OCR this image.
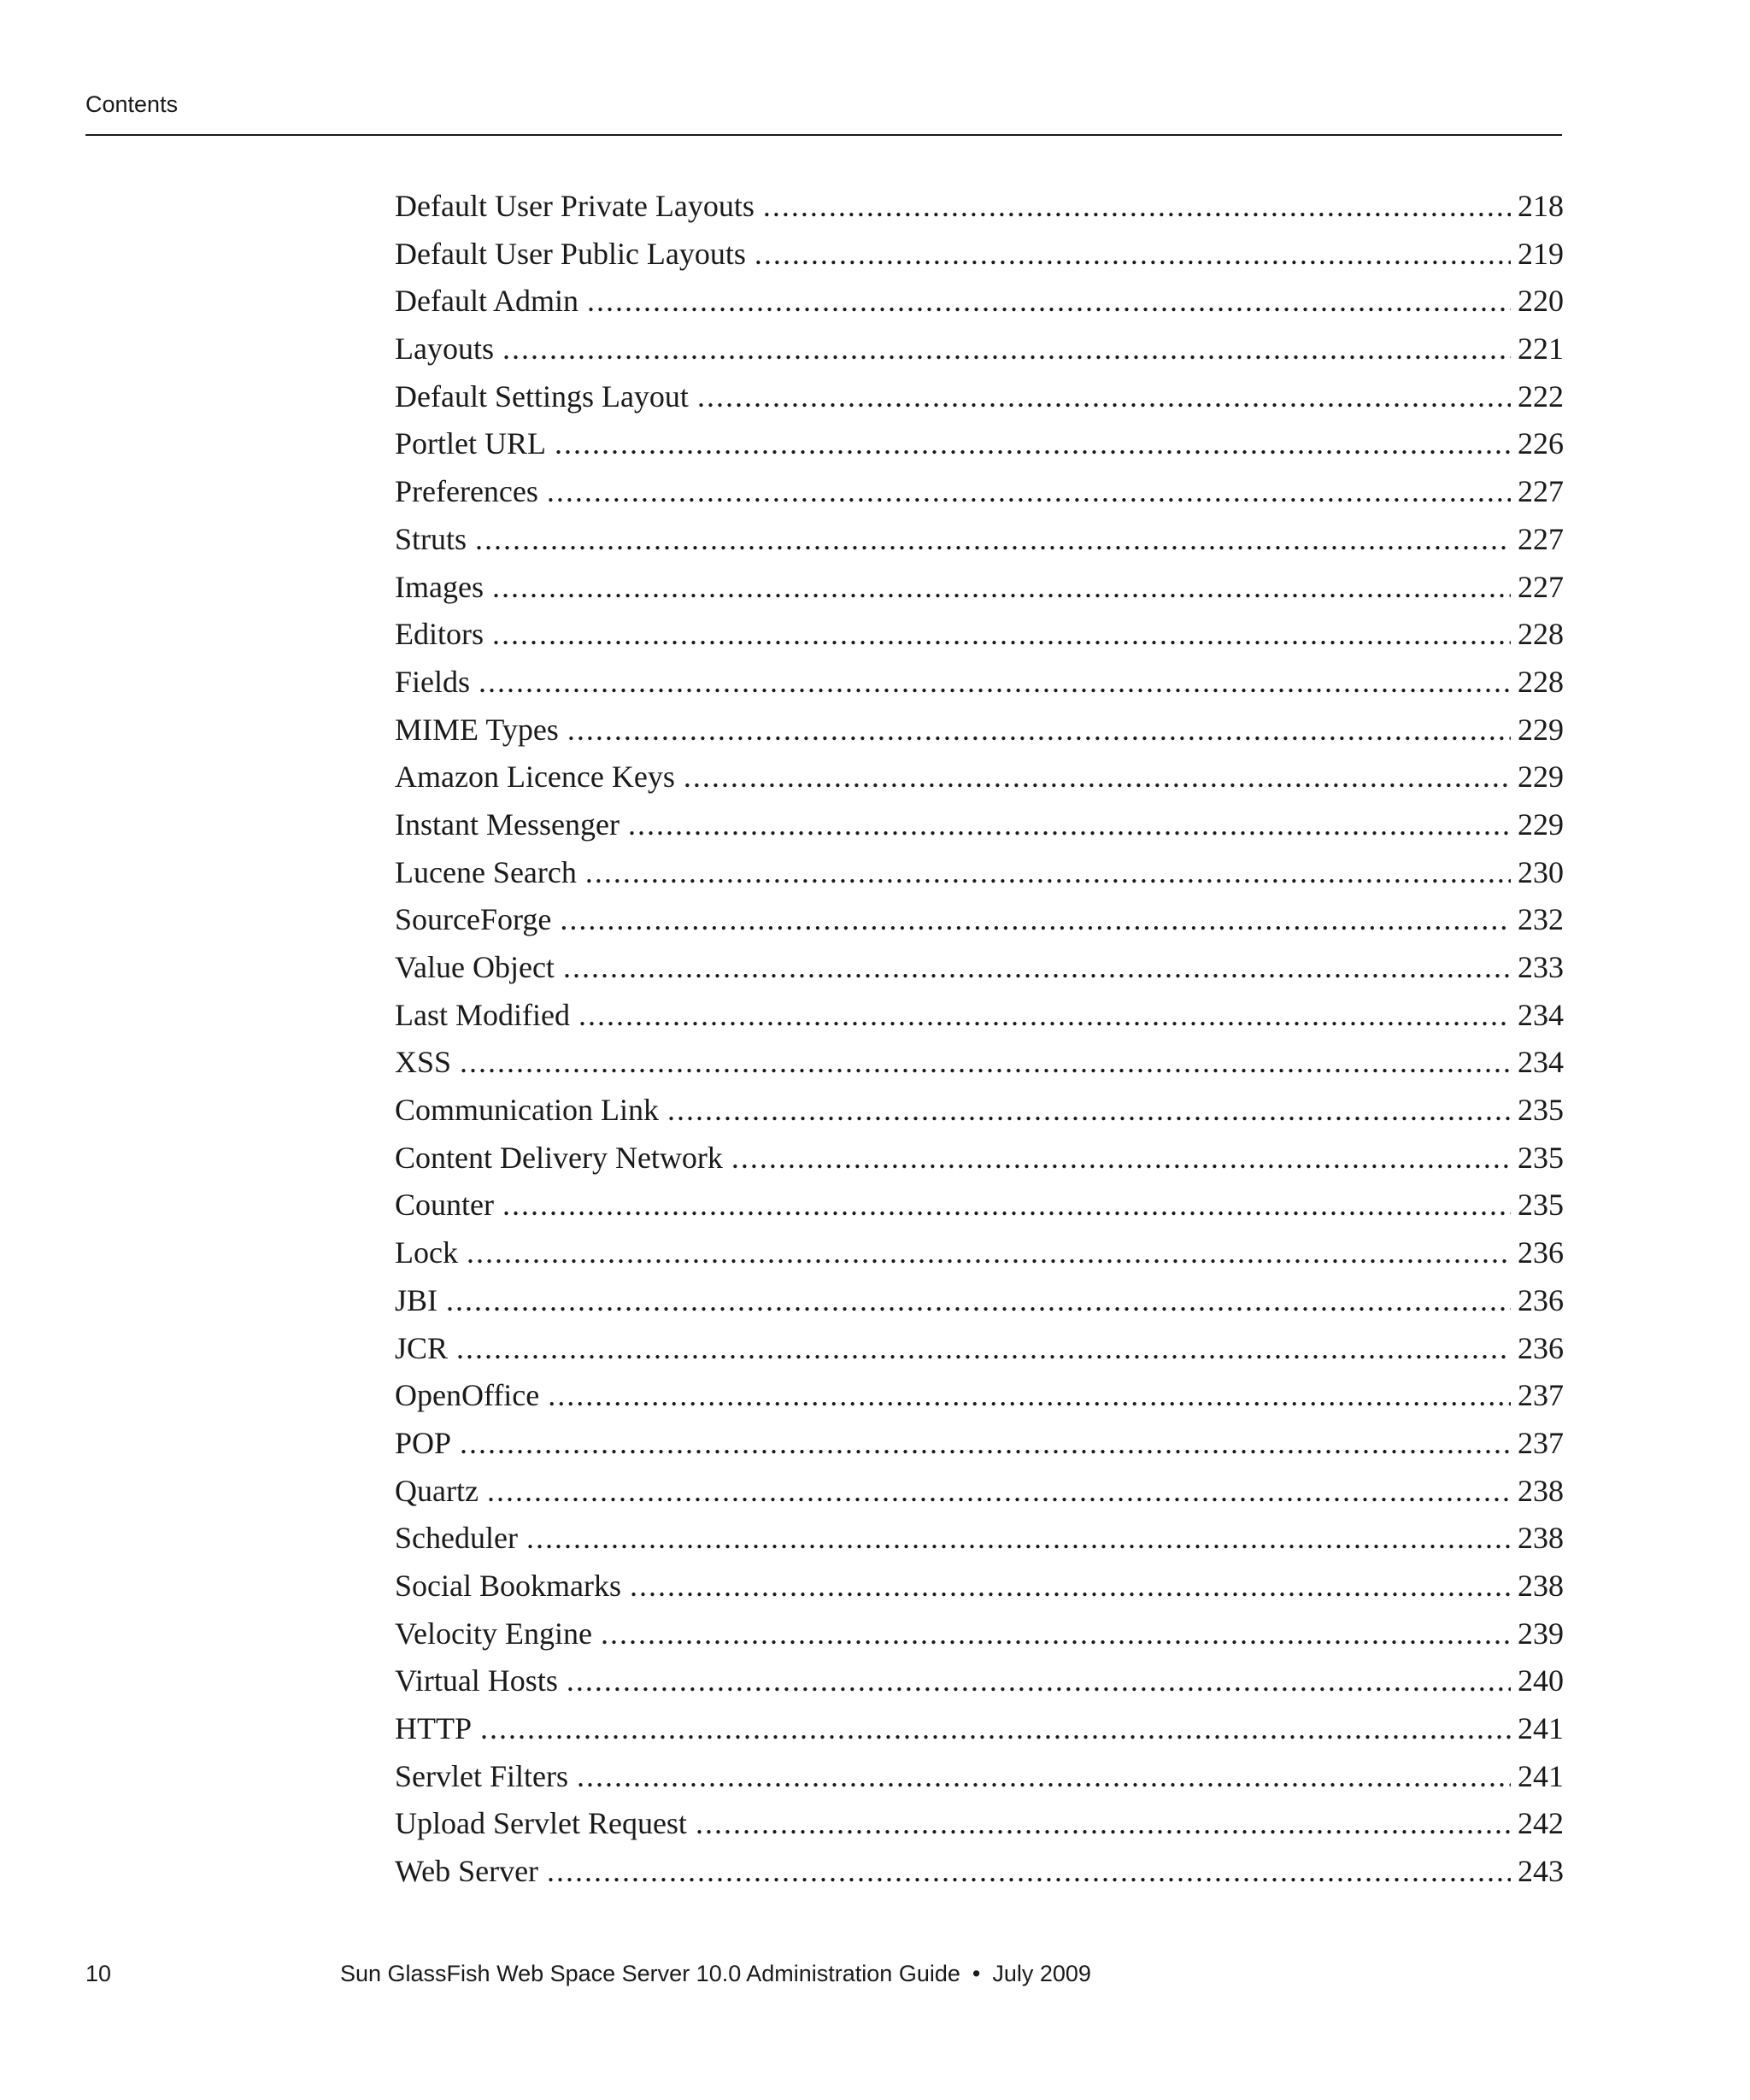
Contents
Default User Private Layouts .....	218
Default User Public Layouts .....	219
Default Admin .....	220
Layouts .....	221
Default Settings Layout .....	222
Portlet URL .....	226
Preferences .....	227
Struts .....	227
Images .....	227
Editors .....	228
Fields .....	228
MIME Types .....	229
Amazon Licence Keys .....	229
Instant Messenger .....	229
Lucene Search .....	230
SourceForge .....	232
Value Object .....	233
Last Modified .....	234
XSS .....	234
Communication Link .....	235
Content Delivery Network .....	235
Counter .....	235
Lock .....	236
JBI .....	236
JCR .....	236
OpenOffice .....	237
POP .....	237
Quartz .....	238
Scheduler .....	238
Social Bookmarks .....	238
Velocity Engine .....	239
Virtual Hosts .....	240
HTTP .....	241
Servlet Filters .....	241
Upload Servlet Request .....	242
Web Server .....	243
10	Sun GlassFish Web Space Server 10.0 Administration Guide • July 2009
